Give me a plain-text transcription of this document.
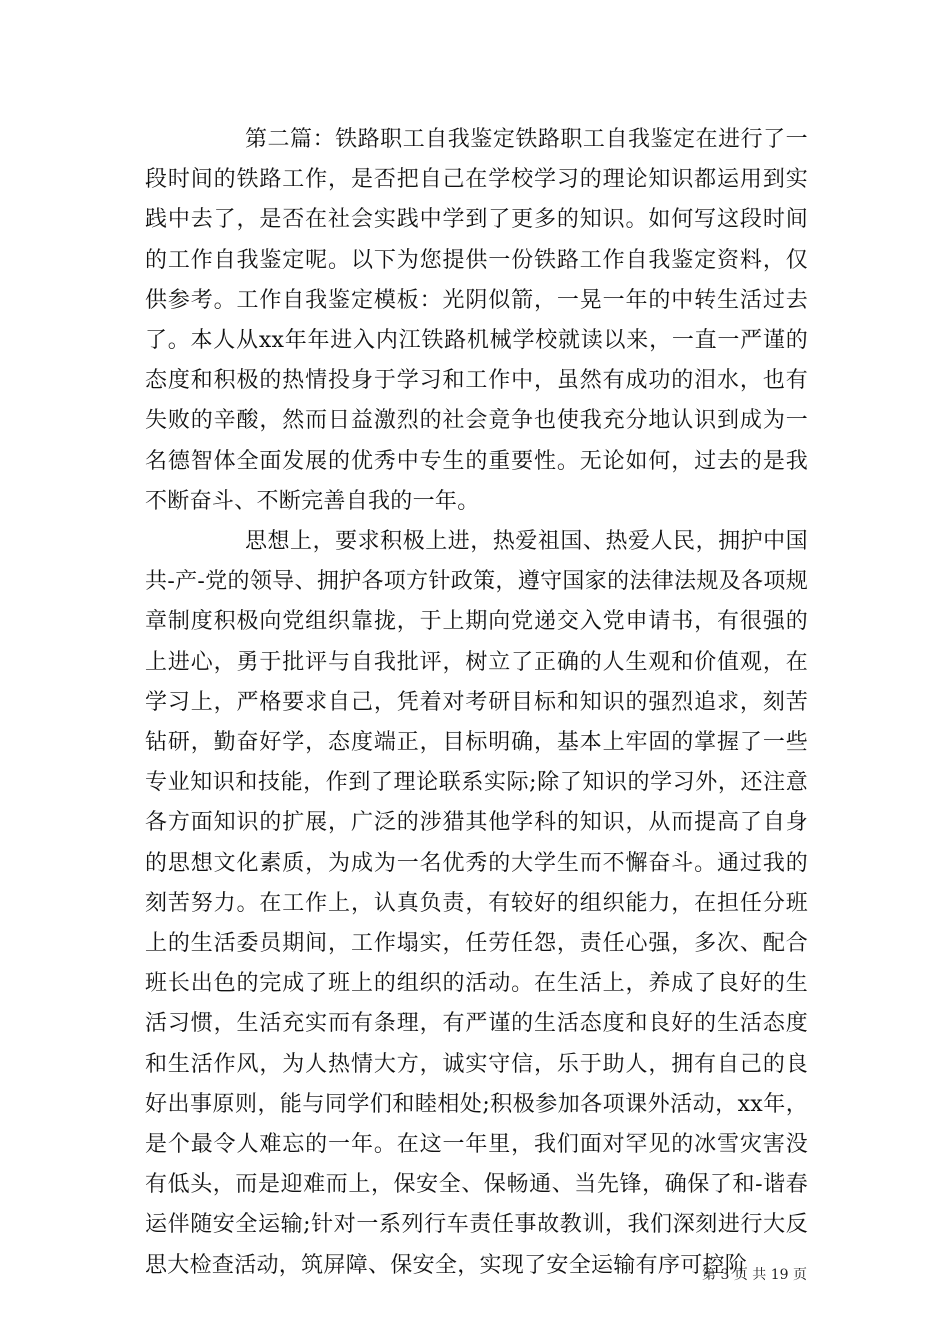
第二篇：铁路职工自我鉴定铁路职工自我鉴定在进行了一段时间的铁路工作，是否把自己在学校学习的理论知识都运用到实践中去了，是否在社会实践中学到了更多的知识。如何写这段时间的工作自我鉴定呢。以下为您提供一份铁路工作自我鉴定资料，仅供参考。工作自我鉴定模板：光阴似箭，一晃一年的中转生活过去了。本人从xx年年进入内江铁路机械学校就读以来，一直一严谨的态度和积极的热情投身于学习和工作中，虽然有成功的泪水，也有失败的辛酸，然而日益激烈的社会竟争也使我充分地认识到成为一名德智体全面发展的优秀中专生的重要性。无论如何，过去的是我不断奋斗、不断完善自我的一年。

思想上，要求积极上进，热爱祖国、热爱人民，拥护中国共-产-党的领导、拥护各项方针政策，遵守国家的法律法规及各项规章制度积极向党组织靠拢，于上期向党递交入党申请书，有很强的上进心，勇于批评与自我批评，树立了正确的人生观和价值观，在学习上，严格要求自己，凭着对考研目标和知识的强烈追求，刻苦钻研，勤奋好学，态度端正，目标明确，基本上牢固的掌握了一些专业知识和技能，作到了理论联系实际;除了知识的学习外，还注意各方面知识的扩展，广泛的涉猎其他学科的知识，从而提高了自身的思想文化素质，为成为一名优秀的大学生而不懈奋斗。通过我的刻苦努力。在工作上，认真负责，有较好的组织能力，在担任分班上的生活委员期间，工作塌实，任劳任怨，责任心强，多次、配合班长出色的完成了班上的组织的活动。在生活上，养成了良好的生活习惯，生活充实而有条理，有严谨的生活态度和良好的生活态度和生活作风，为人热情大方，诚实守信，乐于助人，拥有自己的良好出事原则，能与同学们和睦相处;积极参加各项课外活动，xx年，是个最令人难忘的一年。在这一年里，我们面对罕见的冰雪灾害没有低头，而是迎难而上，保安全、保畅通、当先锋，确保了和-谐春运伴随安全运输;针对一系列行车责任事故教训，我们深刻进行大反思大检查活动，筑屏障、保安全，实现了安全运输有序可控阶

第 3 页 共 19 页
